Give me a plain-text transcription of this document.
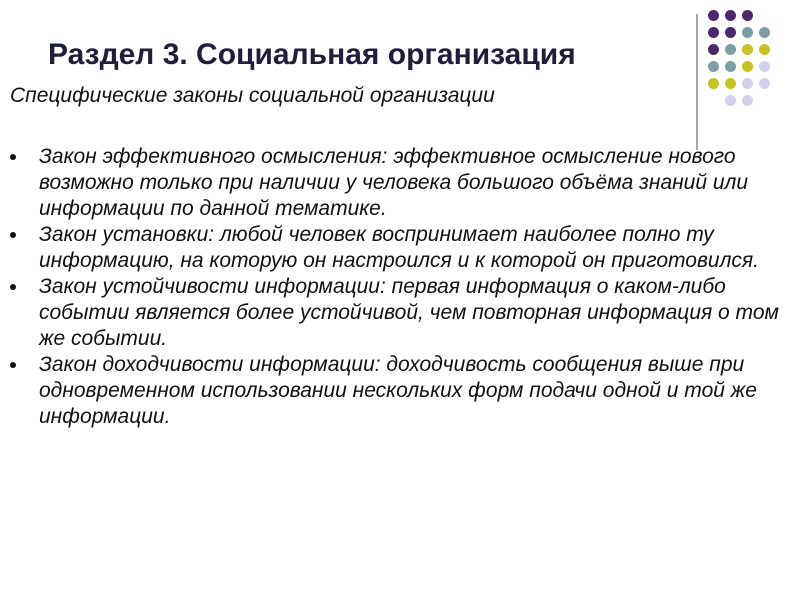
Раздел 3. Социальная организация
Специфические законы социальной организации
Закон эффективного осмысления: эффективное осмысление нового возможно только при наличии у человека большого объёма знаний или информации по данной тематике.
Закон установки: любой человек воспринимает наиболее полно ту информацию, на которую он настроился и к которой он приготовился.
Закон устойчивости информации: первая информация о каком-либо событии является более устойчивой, чем повторная информация о том же событии.
Закон доходчивости информации: доходчивость сообщения выше при одновременном использовании нескольких форм подачи одной и той же информации.
